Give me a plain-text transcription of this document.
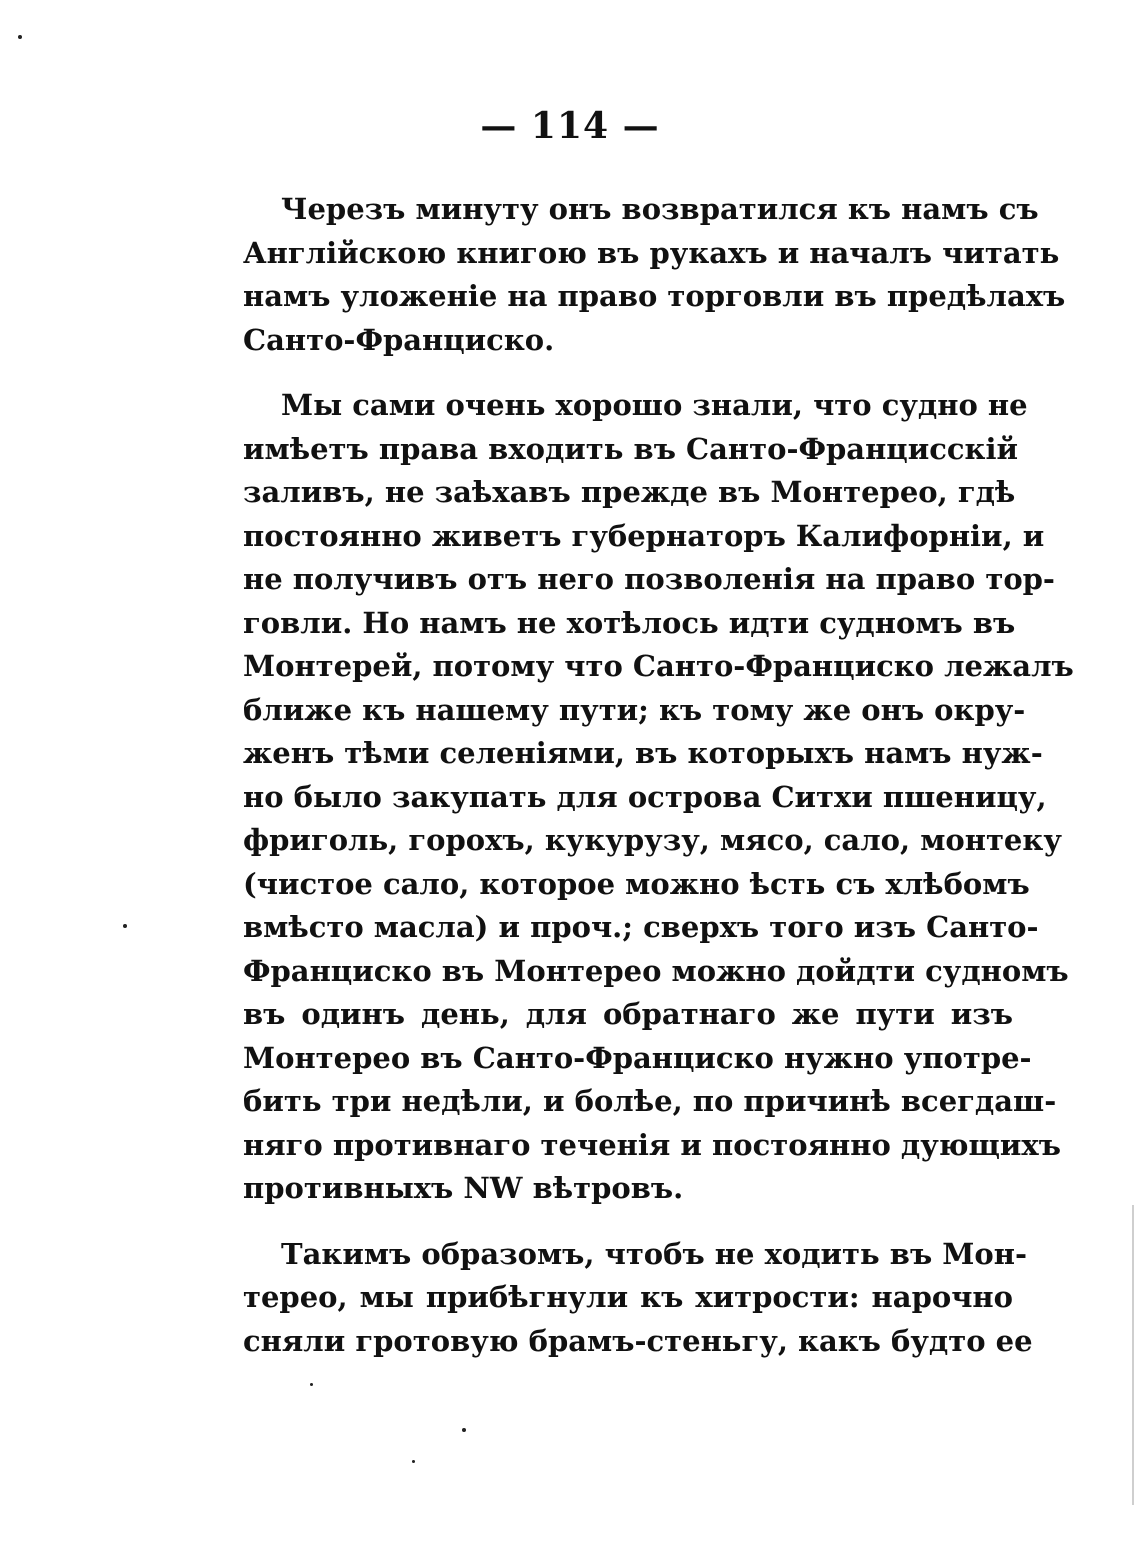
— 114 —

Черезъ минуту онъ возвратился къ намъ съ
Англійскою книгою въ рукахъ и началъ читать
намъ уложеніе на право торговли въ предѣлахъ
Санто-Франциско.

Мы сами очень хорошо знали, что судно не
имѣетъ права входить въ Санто-Францисскій
заливъ, не заѣхавъ прежде въ Монтерео, гдѣ
постоянно живетъ губернаторъ Калифорніи, и
не получивъ отъ него позволенія на право тор-
говли. Но намъ не хотѣлось идти судномъ въ
Монтерей, потому что Санто-Франциско лежалъ
ближе къ нашему пути; къ тому же онъ окру-
женъ тѣми селеніями, въ которыхъ намъ нуж-
но было закупать для острова Ситхи пшеницу,
фриголь, горохъ, кукурузу, мясо, сало, монтеку
(чистое сало, которое можно ѣсть съ хлѣбомъ
вмѣсто масла) и проч.; сверхъ того изъ Санто-
Франциско въ Монтерео можно дойдти судномъ
въ одинъ день, для обратнаго же пути изъ
Монтерео въ Санто-Франциско нужно употре-
бить три недѣли, и болѣе, по причинѣ всегдаш-
няго противнаго теченія и постоянно дующихъ
противныхъ NW вѣтровъ.

Такимъ образомъ, чтобъ не ходить въ Мон-
терео, мы прибѣгнули къ хитрости: нарочно
сняли гротовую брамъ-стеньгу, какъ будто ее
